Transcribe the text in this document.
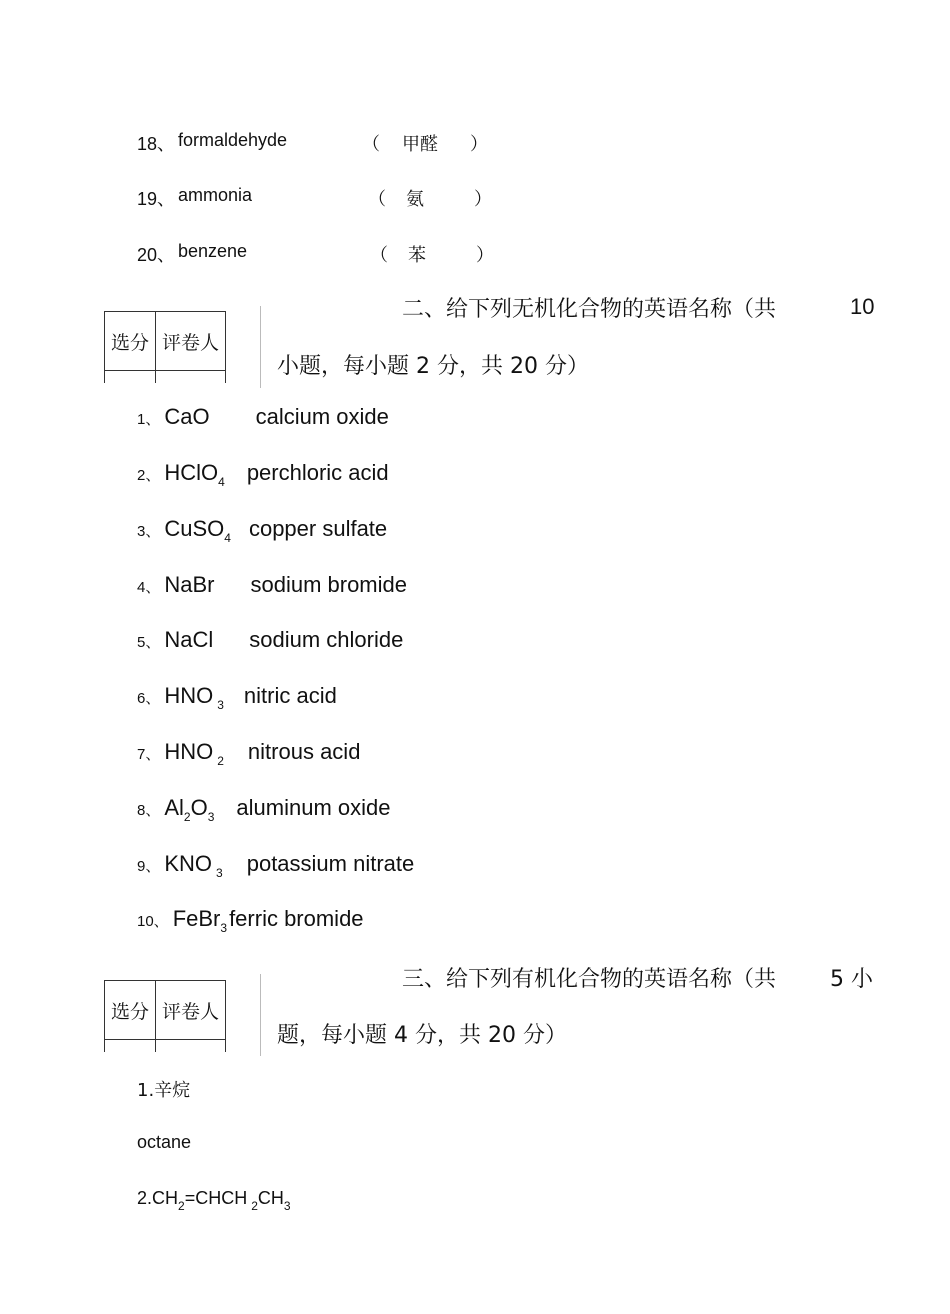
18、 formaldehyde	（ 甲醛 ）
19、 ammonia	（ 氨	）
20、 benzene	（ 苯	）
选分	评卷人

二、给下列无机化合物的英语名称（共	10
小题，每小题 2 分，共 20 分）
1、 CaO calcium oxide
2、 HClO$_4$ perchloric acid
3、 CuSO$_4$ copper sulfate
4、 NaBr sodium bromide
5、 NaCl sodium chloride
6、 HNO $_3$ nitric acid
7、 HNO $_2$ nitrous acid
8、 $Al_2O_3$ aluminum oxide
9、 KNO $_3$ potassium nitrate
10、 FeBr$_3$ferric bromide
选分	评卷人

三、给下列有机化合物的英语名称（共 5 小
题，每小题 4 分，共 20 分）
1.辛烷
octane
$2.CH_2=CHCH$ $_2CH_3$
